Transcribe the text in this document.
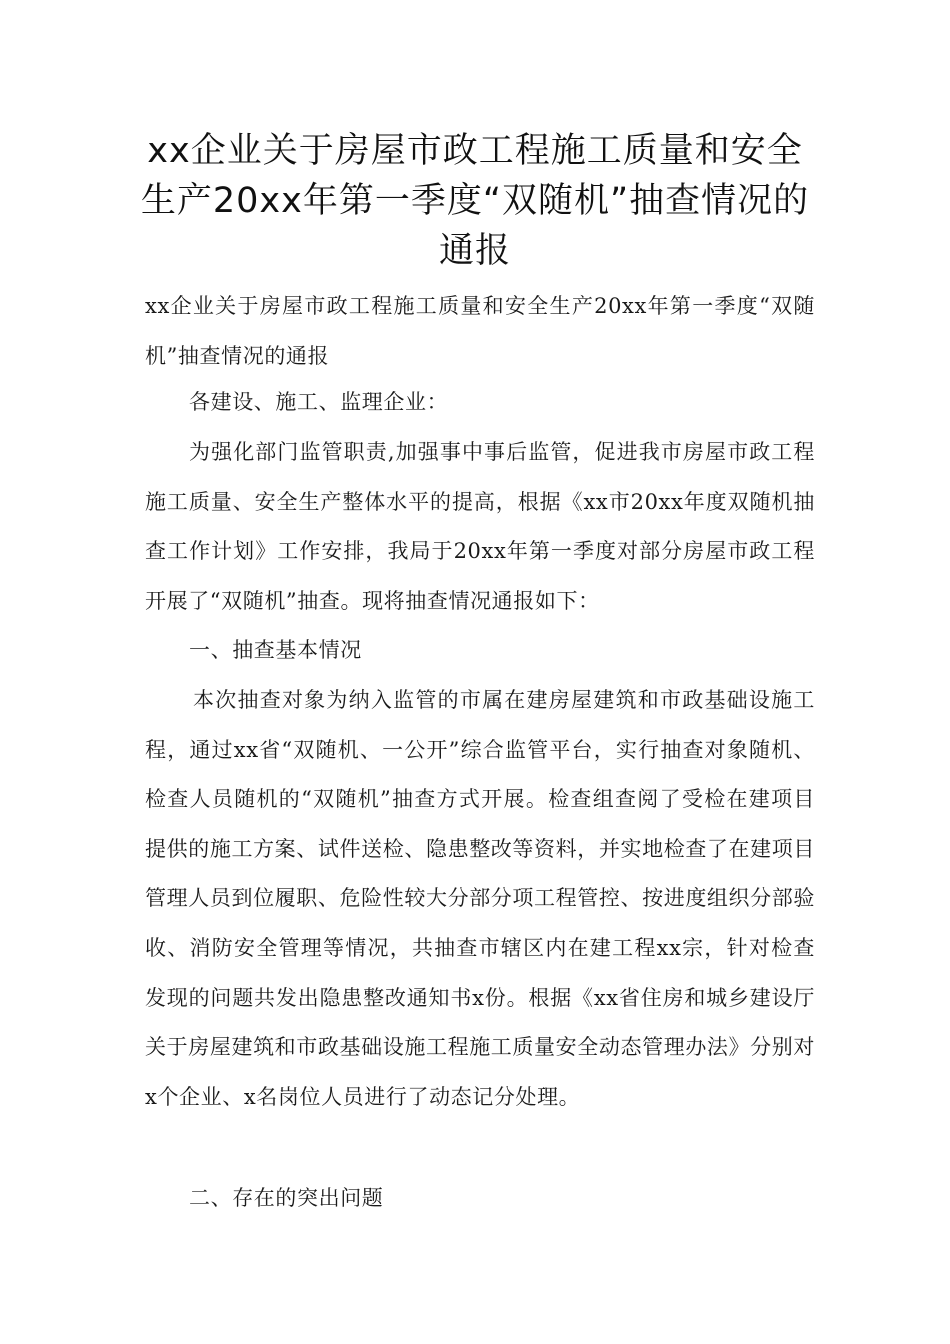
xx企业关于房屋市政工程施工质量和安全生产20xx年第一季度“双随机”抽查情况的通报

xx企业关于房屋市政工程施工质量和安全生产20xx年第一季度“双随机”抽查情况的通报

各建设、施工、监理企业：

为强化部门监管职责,加强事中事后监管，促进我市房屋市政工程施工质量、安全生产整体水平的提高，根据《xx市20xx年度双随机抽查工作计划》工作安排，我局于20xx年第一季度对部分房屋市政工程开展了“双随机”抽查。现将抽查情况通报如下：

一、抽查基本情况

本次抽查对象为纳入监管的市属在建房屋建筑和市政基础设施工程，通过xx省“双随机、一公开”综合监管平台，实行抽查对象随机、检查人员随机的“双随机”抽查方式开展。检查组查阅了受检在建项目提供的施工方案、试件送检、隐患整改等资料，并实地检查了在建项目管理人员到位履职、危险性较大分部分项工程管控、按进度组织分部验收、消防安全管理等情况，共抽查市辖区内在建工程xx宗，针对检查发现的问题共发出隐患整改通知书x份。根据《xx省住房和城乡建设厅关于房屋建筑和市政基础设施工程施工质量安全动态管理办法》分别对x个企业、x名岗位人员进行了动态记分处理。

二、存在的突出问题
